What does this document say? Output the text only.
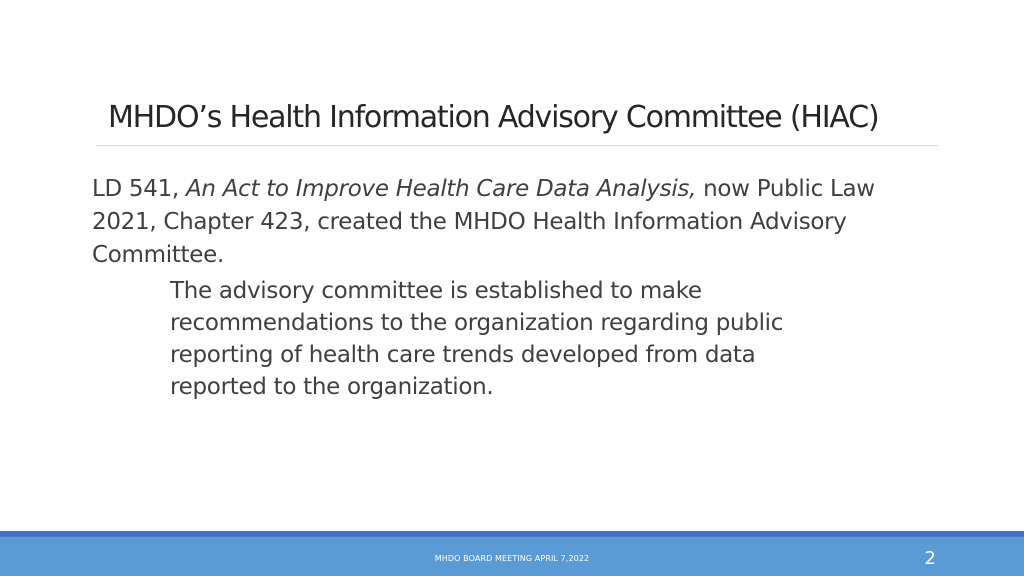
MHDO’s Health Information Advisory Committee (HIAC)
LD 541, An Act to Improve Health Care Data Analysis, now Public Law 2021, Chapter 423, created the MHDO Health Information Advisory Committee.
The advisory committee is established to make recommendations to the organization regarding public reporting of health care trends developed from data reported to the organization.
MHDO BOARD MEETING APRIL 7,2022	2
